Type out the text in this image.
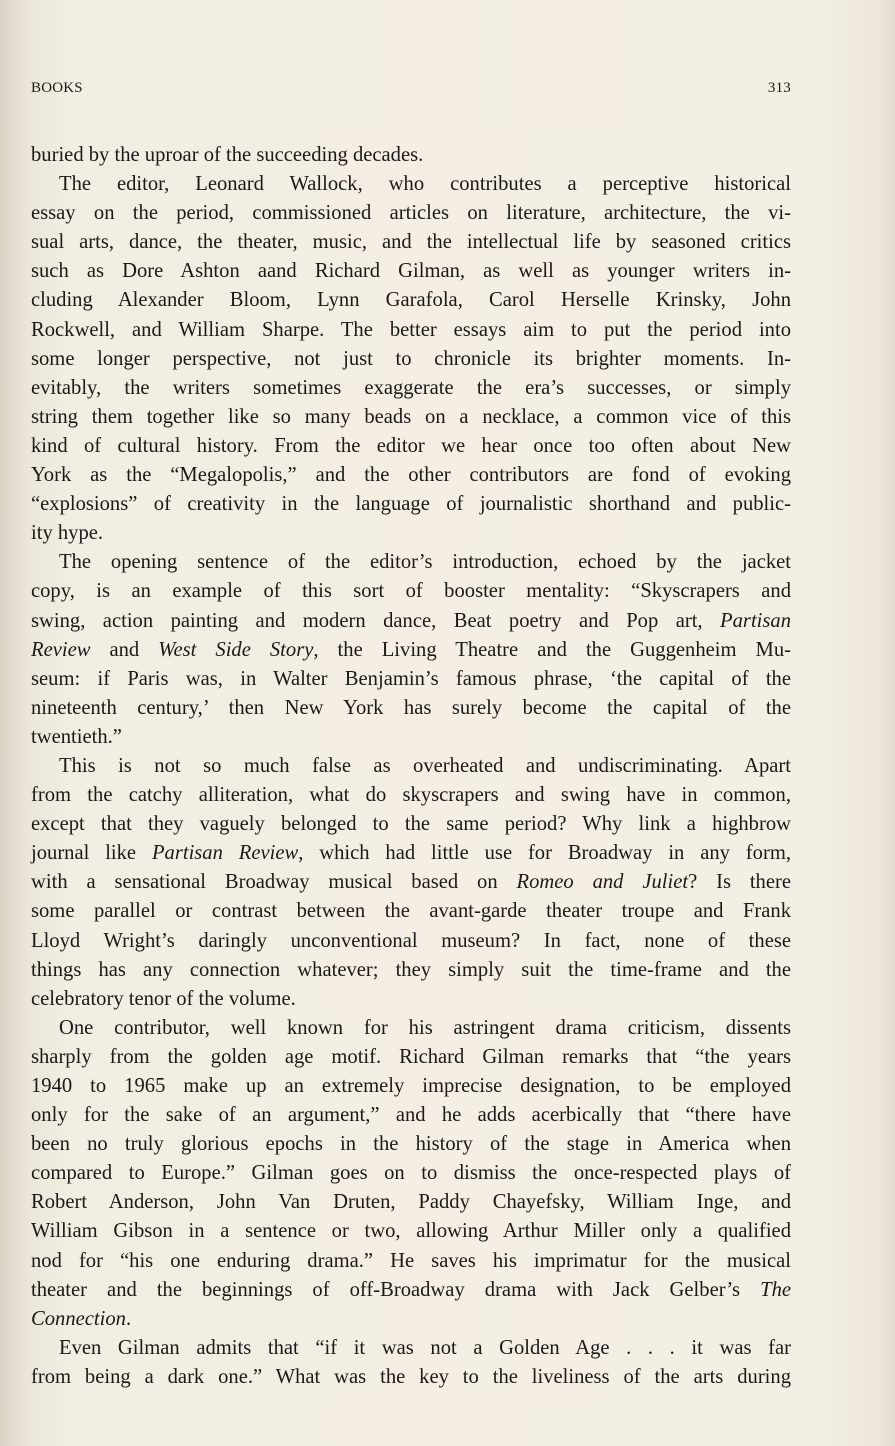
BOOKS	313
buried by the uproar of the succeeding decades.
The editor, Leonard Wallock, who contributes a perceptive historical
essay on the period, commissioned articles on literature, architecture, the vi-
sual arts, dance, the theater, music, and the intellectual life by seasoned critics
such as Dore Ashton aand Richard Gilman, as well as younger writers in-
cluding Alexander Bloom, Lynn Garafola, Carol Herselle Krinsky, John
Rockwell, and William Sharpe. The better essays aim to put the period into
some longer perspective, not just to chronicle its brighter moments. In-
evitably, the writers sometimes exaggerate the era’s successes, or simply
string them together like so many beads on a necklace, a common vice of this
kind of cultural history. From the editor we hear once too often about New
York as the “Megalopolis,” and the other contributors are fond of evoking
“explosions” of creativity in the language of journalistic shorthand and public-
ity hype.
The opening sentence of the editor’s introduction, echoed by the jacket
copy, is an example of this sort of booster mentality: “Skyscrapers and
swing, action painting and modern dance, Beat poetry and Pop art, Partisan
Review and West Side Story, the Living Theatre and the Guggenheim Mu-
seum: if Paris was, in Walter Benjamin’s famous phrase, ‘the capital of the
nineteenth century,’ then New York has surely become the capital of the
twentieth.”
This is not so much false as overheated and undiscriminating. Apart
from the catchy alliteration, what do skyscrapers and swing have in common,
except that they vaguely belonged to the same period? Why link a highbrow
journal like Partisan Review, which had little use for Broadway in any form,
with a sensational Broadway musical based on Romeo and Juliet? Is there
some parallel or contrast between the avant-garde theater troupe and Frank
Lloyd Wright’s daringly unconventional museum? In fact, none of these
things has any connection whatever; they simply suit the time-frame and the
celebratory tenor of the volume.
One contributor, well known for his astringent drama criticism, dissents
sharply from the golden age motif. Richard Gilman remarks that “the years
1940 to 1965 make up an extremely imprecise designation, to be employed
only for the sake of an argument,” and he adds acerbically that “there have
been no truly glorious epochs in the history of the stage in America when
compared to Europe.” Gilman goes on to dismiss the once-respected plays of
Robert Anderson, John Van Druten, Paddy Chayefsky, William Inge, and
William Gibson in a sentence or two, allowing Arthur Miller only a qualified
nod for “his one enduring drama.” He saves his imprimatur for the musical
theater and the beginnings of off-Broadway drama with Jack Gelber’s The
Connection.
Even Gilman admits that “if it was not a Golden Age . . . it was far
from being a dark one.” What was the key to the liveliness of the arts during
